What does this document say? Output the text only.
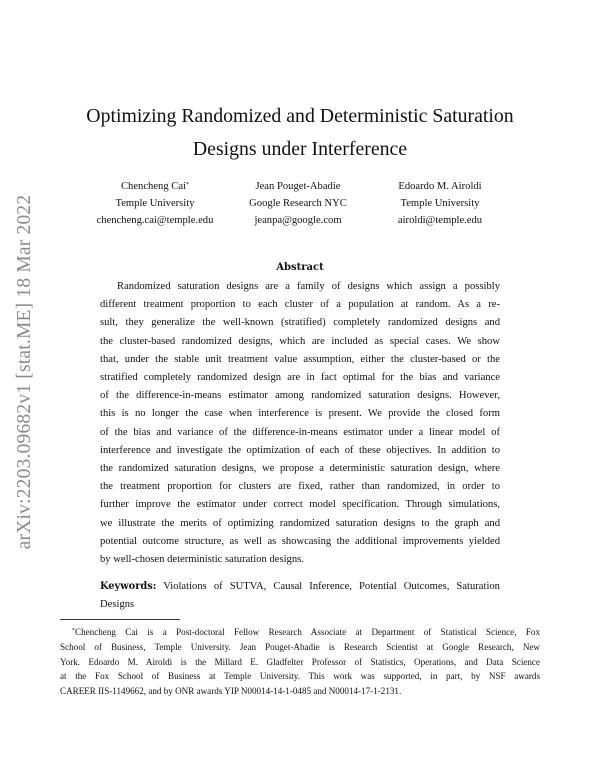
arXiv:2203.09682v1 [stat.ME] 18 Mar 2022
Optimizing Randomized and Deterministic Saturation
Designs under Interference
Chencheng Cai*
Temple University
chencheng.cai@temple.edu
Jean Pouget-Abadie
Google Research NYC
jeanpa@google.com
Edoardo M. Airoldi
Temple University
airoldi@temple.edu
Abstract
Randomized saturation designs are a family of designs which assign a possibly
different treatment proportion to each cluster of a population at random. As a re-
sult, they generalize the well-known (stratified) completely randomized designs and
the cluster-based randomized designs, which are included as special cases. We show
that, under the stable unit treatment value assumption, either the cluster-based or the
stratified completely randomized design are in fact optimal for the bias and variance
of the difference-in-means estimator among randomized saturation designs. However,
this is no longer the case when interference is present. We provide the closed form
of the bias and variance of the difference-in-means estimator under a linear model of
interference and investigate the optimization of each of these objectives. In addition to
the randomized saturation designs, we propose a deterministic saturation design, where
the treatment proportion for clusters are fixed, rather than randomized, in order to
further improve the estimator under correct model specification. Through simulations,
we illustrate the merits of optimizing randomized saturation designs to the graph and
potential outcome structure, as well as showcasing the additional improvements yielded
by well-chosen deterministic saturation designs.
Keywords: Violations of SUTVA, Causal Inference, Potential Outcomes, Saturation
Designs
*Chencheng Cai is a Post-doctoral Fellow Research Associate at Department of Statistical Science, Fox
School of Business, Temple University. Jean Pouget-Abadie is Research Scientist at Google Research, New
York. Edoardo M. Airoldi is the Millard E. Gladfelter Professor of Statistics, Operations, and Data Science
at the Fox School of Business at Temple University. This work was supported, in part, by NSF awards
CAREER IIS-1149662, and by ONR awards YIP N00014-14-1-0485 and N00014-17-1-2131.
